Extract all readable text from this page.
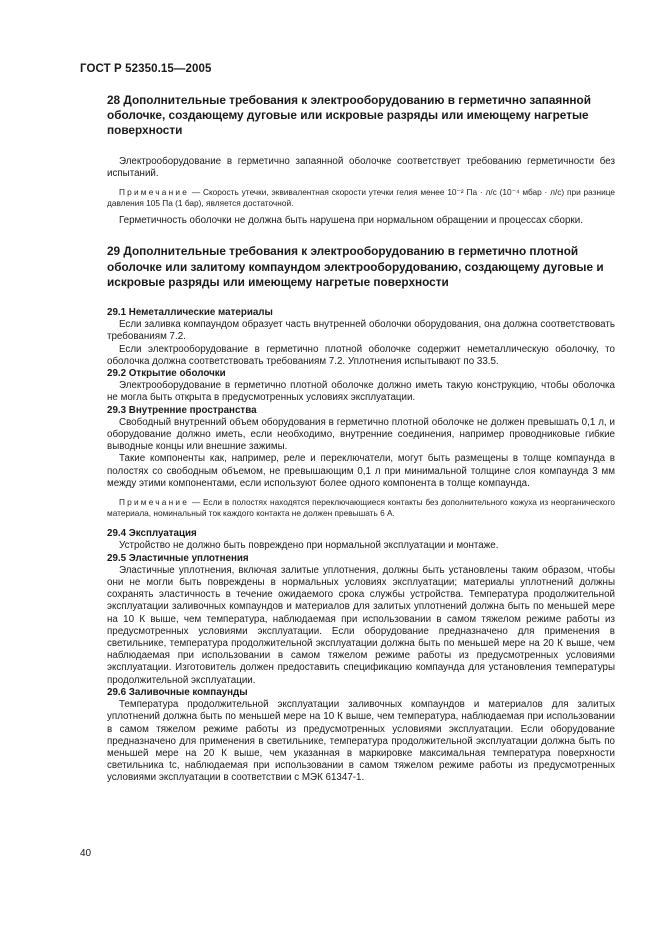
ГОСТ Р 52350.15—2005
28 Дополнительные требования к электрооборудованию в герметично запаянной оболочке, создающему дуговые или искровые разряды или имеющему нагретые поверхности

Электрооборудование в герметично запаянной оболочке соответствует требованию герметичности без испытаний.

Примечание — Скорость утечки, эквивалентная скорости утечки гелия менее 10⁻² Па · л/с (10⁻⁴ мбар · л/с) при разнице давления 105 Па (1 бар), является достаточной.

Герметичность оболочки не должна быть нарушена при нормальном обращении и процессах сборки.

29 Дополнительные требования к электрооборудованию в герметично плотной оболочке или залитому компаундом электрооборудованию, создающему дуговые и искровые разряды или имеющему нагретые поверхности
29.1 Неметаллические материалы

Если заливка компаундом образует часть внутренней оболочки оборудования, она должна соответствовать требованиям 7.2.

Если электрооборудование в герметично плотной оболочке содержит неметаллическую оболочку, то оболочка должна соответствовать требованиям 7.2. Уплотнения испытывают по 33.5.

29.2 Открытие оболочки

Электрооборудование в герметично плотной оболочке должно иметь такую конструкцию, чтобы оболочка не могла быть открыта в предусмотренных условиях эксплуатации.

29.3 Внутренние пространства

Свободный внутренний объем оборудования в герметично плотной оболочке не должен превышать 0,1 л, и оборудование должно иметь, если необходимо, внутренние соединения, например проводниковые гибкие выводные концы или внешние зажимы.

Такие компоненты как, например, реле и переключатели, могут быть размещены в толще компаунда в полостях со свободным объемом, не превышающим 0,1 л при минимальной толщине слоя компаунда 3 мм между этими компонентами, если используют более одного компонента в толще компаунда.

Примечание — Если в полостях находятся переключающиеся контакты без дополнительного кожуха из неорганического материала, номинальный ток каждого контакта не должен превышать 6 А.
29.4 Эксплуатация

Устройство не должно быть повреждено при нормальной эксплуатации и монтаже.

29.5 Эластичные уплотнения

Эластичные уплотнения, включая залитые уплотнения, должны быть установлены таким образом, чтобы они не могли быть повреждены в нормальных условиях эксплуатации; материалы уплотнений должны сохранять эластичность в течение ожидаемого срока службы устройства. Температура продолжительной эксплуатации заливочных компаундов и материалов для залитых уплотнений должна быть по меньшей мере на 10 К выше, чем температура, наблюдаемая при использовании в самом тяжелом режиме работы из предусмотренных условиями эксплуатации. Если оборудование предназначено для применения в светильнике, температура продолжительной эксплуатации должна быть по меньшей мере на 20 К выше, чем наблюдаемая при использовании в самом тяжелом режиме работы из предусмотренных условиями эксплуатации. Изготовитель должен предоставить спецификацию компаунда для установления температуры продолжительной эксплуатации.

29.6 Заливочные компаунды

Температура продолжительной эксплуатации заливочных компаундов и материалов для залитых уплотнений должна быть по меньшей мере на 10 К выше, чем температура, наблюдаемая при использовании в самом тяжелом режиме работы из предусмотренных условиями эксплуатации. Если оборудование предназначено для применения в светильнике, температура продолжительной эксплуатации должна быть по меньшей мере на 20 К выше, чем указанная в маркировке максимальная температура поверхности светильника tc, наблюдаемая при использовании в самом тяжелом режиме работы из предусмотренных условиями эксплуатации в соответствии с МЭК 61347-1.

40
